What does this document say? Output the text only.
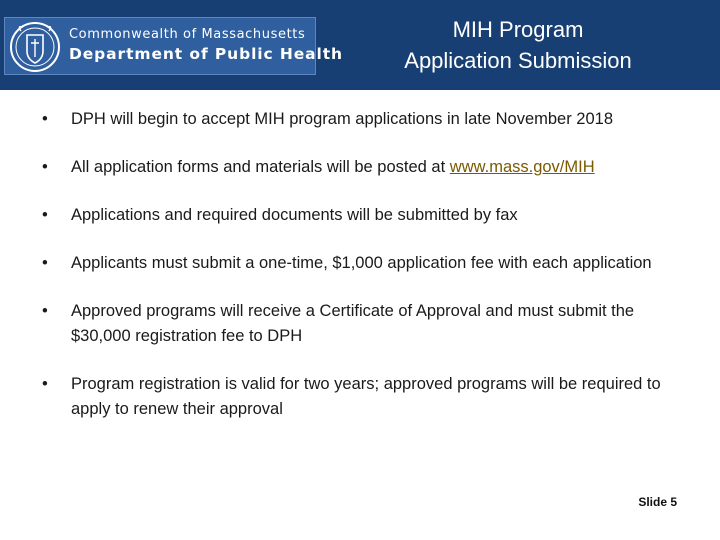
Commonwealth of Massachusetts
Department of Public Health
MIH Program
Application Submission
• DPH will begin to accept MIH program applications in late November 2018
• All application forms and materials will be posted at www.mass.gov/MIH
• Applications and required documents will be submitted by fax
• Applicants must submit a one-time, $1,000 application fee with each application
• Approved programs will receive a Certificate of Approval and must submit the $30,000 registration fee to DPH
• Program registration is valid for two years; approved programs will be required to apply to renew their approval
Slide 5
